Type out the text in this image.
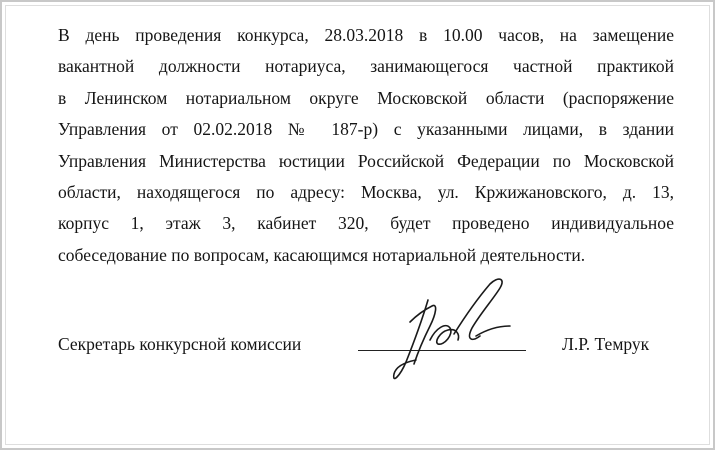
В день проведения конкурса, 28.03.2018 в 10.00 часов, на замещение
вакантной должности нотариуса, занимающегося частной практикой
в Ленинском нотариальном округе Московской области (распоряжение
Управления от 02.02.2018 № 187-р) с указанными лицами, в здании
Управления Министерства юстиции Российской Федерации по Московской
области, находящегося по адресу: Москва, ул. Кржижановского, д. 13,
корпус 1, этаж 3, кабинет 320, будет проведено индивидуальное
собеседование по вопросам, касающимся нотариальной деятельности.
Секретарь конкурсной комиссии	Л.Р. Темрук
